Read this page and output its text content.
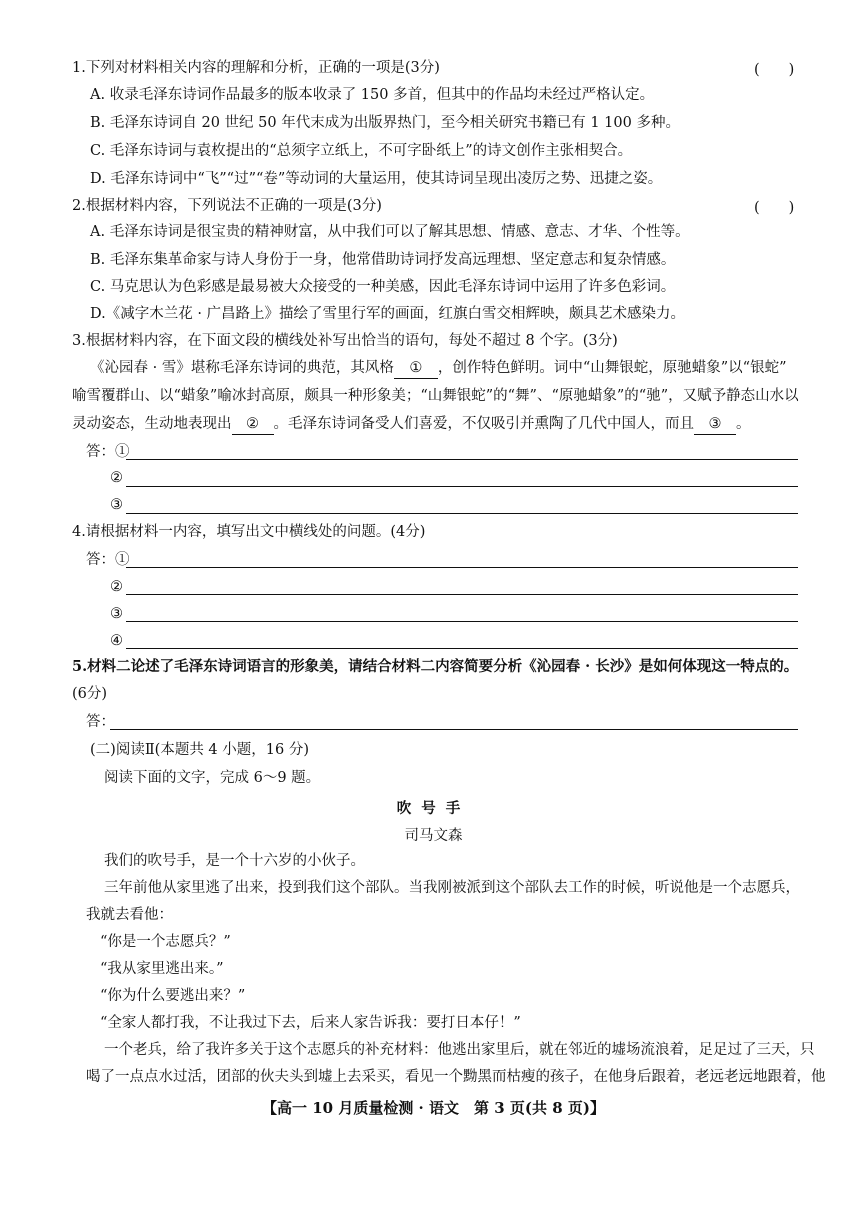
1.下列对材料相关内容的理解和分析，正确的一项是(3分)	(　　)
A. 收录毛泽东诗词作品最多的版本收录了 150 多首，但其中的作品均未经过严格认定。
B. 毛泽东诗词自 20 世纪 50 年代末成为出版界热门，至今相关研究书籍已有 1 100 多种。
C. 毛泽东诗词与袁枚提出的“总须字立纸上，不可字卧纸上”的诗文创作主张相契合。
D. 毛泽东诗词中“飞”“过”“卷”等动词的大量运用，使其诗词呈现出凌厉之势、迅捷之姿。
2.根据材料内容，下列说法不正确的一项是(3分)	(　　)
A. 毛泽东诗词是很宝贵的精神财富，从中我们可以了解其思想、情感、意志、才华、个性等。
B. 毛泽东集革命家与诗人身份于一身，他常借助诗词抒发高远理想、坚定意志和复杂情感。
C. 马克思认为色彩感是最易被大众接受的一种美感，因此毛泽东诗词中运用了许多色彩词。
D.《减字木兰花 · 广昌路上》描绘了雪里行军的画面，红旗白雪交相辉映，颇具艺术感染力。
3.根据材料内容，在下面文段的横线处补写出恰当的语句，每处不超过 8 个字。(3分)
《沁园春 · 雪》堪称毛泽东诗词的典范，其风格 ① ，创作特色鲜明。词中“山舞银蛇，原驰蜡象”以“银蛇”
喻雪覆群山、以“蜡象”喻冰封高原，颇具一种形象美；“山舞银蛇”的“舞”、“原驰蜡象”的“驰”，又赋予静态山水以
灵动姿态，生动地表现出 ② 。毛泽东诗词备受人们喜爱，不仅吸引并熏陶了几代中国人，而且 ③ 。
答：①
②
③
4.请根据材料一内容，填写出文中横线处的问题。(4分)
答：①
②
③
④
5.材料二论述了毛泽东诗词语言的形象美，请结合材料二内容简要分析《沁园春 · 长沙》是如何体现这一特点的。
(6分)
答：
(二)阅读Ⅱ(本题共 4 小题，16 分)
阅读下面的文字，完成 6～9 题。
吹号手
司马文森
我们的吹号手，是一个十六岁的小伙子。
三年前他从家里逃了出来，投到我们这个部队。当我刚被派到这个部队去工作的时候，听说他是一个志愿兵，
我就去看他：
“你是一个志愿兵？”
“我从家里逃出来。”
“你为什么要逃出来？”
“全家人都打我，不让我过下去，后来人家告诉我：要打日本仔！”
一个老兵，给了我许多关于这个志愿兵的补充材料：他逃出家里后，就在邻近的墟场流浪着，足足过了三天，只
喝了一点点水过活，团部的伙夫头到墟上去采买，看见一个黝黑而枯瘦的孩子，在他身后跟着，老远老远地跟着，他
【高一 10 月质量检测 · 语文　第 3 页(共 8 页)】
